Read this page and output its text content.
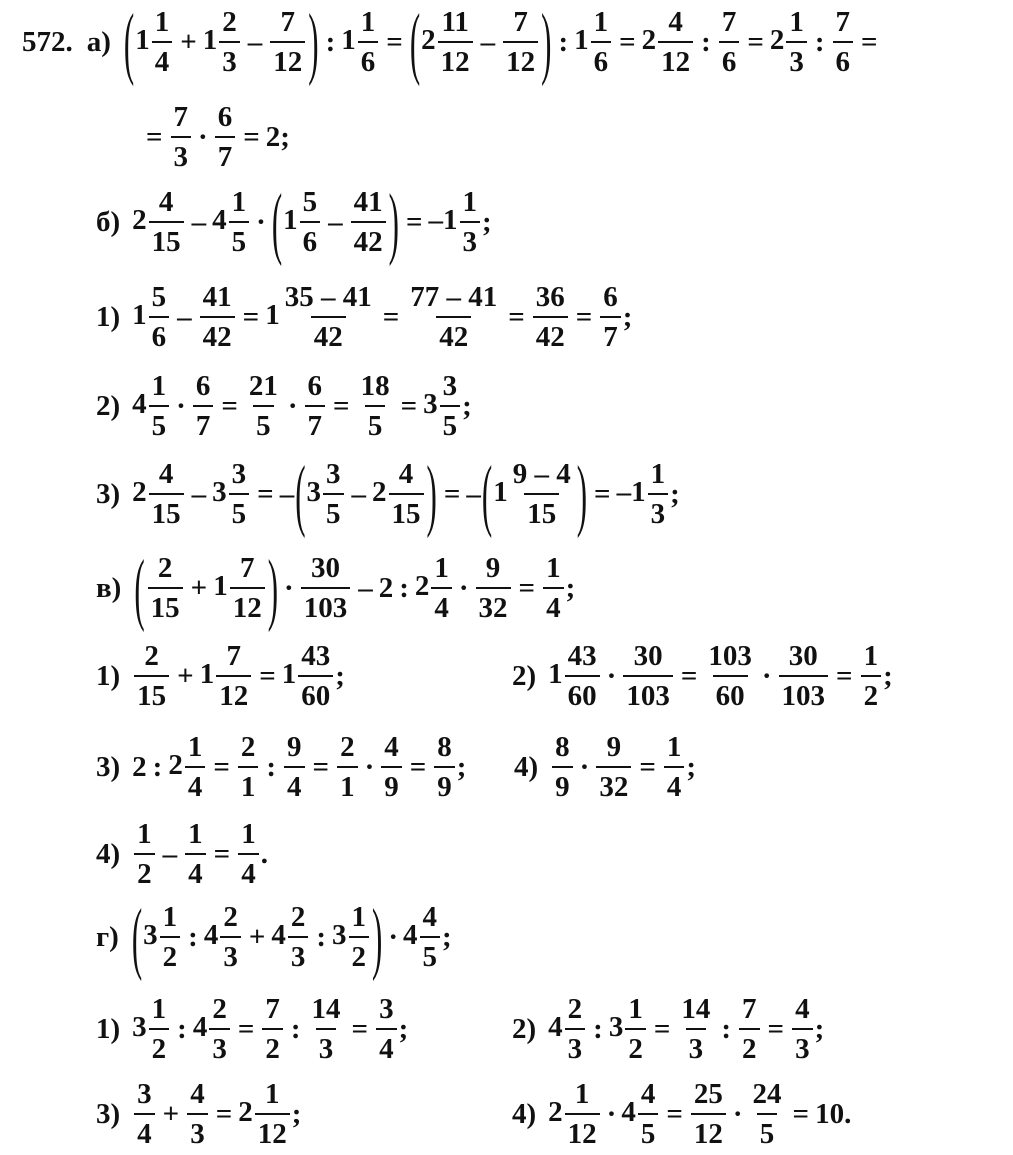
572. а) ( $1 \frac{1}{4} + 1 \frac{2}{3} - \frac{7}{12}$ ) : $1 \frac{1}{6}$ = ( $2 \frac{11}{12} - \frac{7}{12}$ ) : $1 \frac{1}{6} = 2 \frac{4}{12}$ : $\frac{7}{6} = 2 \frac{1}{3}$ : $\frac{7}{6}$ =
= $\frac{7}{3} \cdot \frac{6}{7} = 2$;
б) $2 \frac{4}{15} - 4 \frac{1}{5}$ · ( $1 \frac{5}{6} - \frac{41}{42}$ ) = $-1 \frac{1}{3}$ ;
1) $1 \frac{5}{6} - \frac{41}{42} = 1 \frac{35 - 41}{42} = \frac{77 - 41}{42} = \frac{36}{42} = \frac{6}{7}$ ;
2) $4 \frac{1}{5} \cdot \frac{6}{7} = \frac{21}{5} \cdot \frac{6}{7} = \frac{18}{5} = 3 \frac{3}{5}$ ;
3) $2 \frac{4}{15} - 3 \frac{3}{5}$ = – ( $3 \frac{3}{5} - 2 \frac{4}{15}$ ) = – ( $1 \frac{9 - 4}{15}$ ) = $-1 \frac{1}{3}$ ;
в) ( $\frac{2}{15} + 1 \frac{7}{12}$ ) · $\frac{30}{103} - 2$ : $2 \frac{1}{4} \cdot \frac{9}{32} = \frac{1}{4}$ ;
$1) \frac{2}{15} + 1 \frac{7}{12} = 1 \frac{43}{60}$ ;	2) $1 \frac{43}{60} \cdot \frac{30}{103} = \frac{103}{60} \cdot \frac{30}{103} = \frac{1}{2}$ ;
3) 2 : $2 \frac{1}{4} = \frac{2}{1}$ : $\frac{9}{4} = \frac{2}{1} \cdot \frac{4}{9} = \frac{8}{9}$ ; $4) \frac{8}{9} \cdot \frac{9}{32} = \frac{1}{4}$ ;
$4) \frac{1}{2} - \frac{1}{4} = \frac{1}{4}$ .
г) ( $3 \frac{1}{2}$ : $4 \frac{2}{3} + 4 \frac{2}{3}$ : $3 \frac{1}{2}$ ) · $4 \frac{4}{5}$ ;
1) $3 \frac{1}{2}$ : $4 \frac{2}{3} = \frac{7}{2}$ : $\frac{14}{3} = \frac{3}{4}$ ;	2) $4 \frac{2}{3}$ : $3 \frac{1}{2} = \frac{14}{3}$ : $\frac{7}{2} = \frac{4}{3}$ ;
$3) \frac{3}{4} + \frac{4}{3} = 2 \frac{1}{12}$ ;	4) $2 \frac{1}{12} \cdot 4 \frac{4}{5} = \frac{25}{12} \cdot \frac{24}{5} = 10$.
